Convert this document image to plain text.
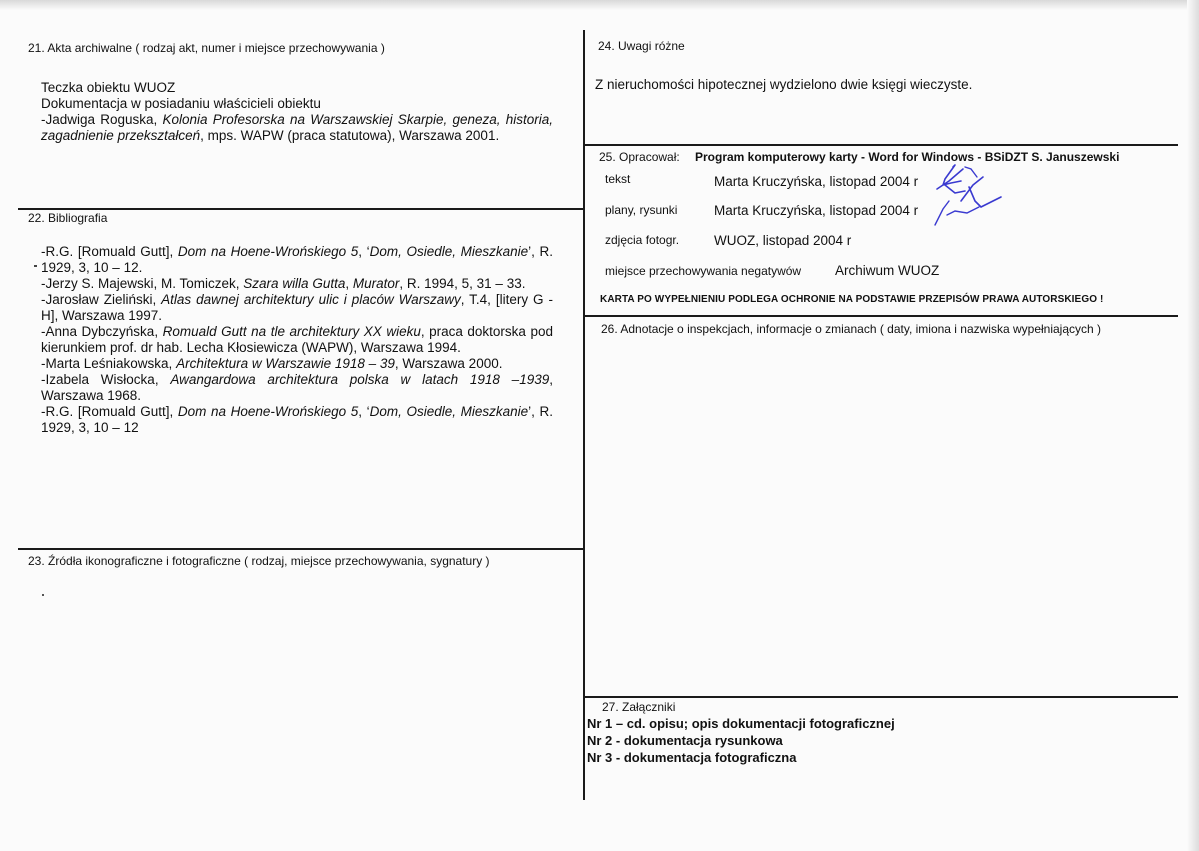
21. Akta archiwalne ( rodzaj akt, numer i miejsce przechowywania )
Teczka obiektu WUOZ
Dokumentacja w posiadaniu właścicieli obiektu
-Jadwiga Roguska, Kolonia Profesorska na Warszawskiej Skarpie, geneza, historia, zagadnienie przekształceń, mps. WAPW (praca statutowa), Warszawa 2001.
22. Bibliografia
-R.G. [Romuald Gutt], Dom na Hoene-Wrońskiego 5, ‘Dom, Osiedle, Mieszkanie’, R. 1929, 3, 10 – 12.
-Jerzy S. Majewski, M. Tomiczek, Szara willa Gutta, Murator, R. 1994, 5, 31 – 33.
-Jarosław Zieliński, Atlas dawnej architektury ulic i placów Warszawy, T.4, [litery G - H], Warszawa 1997.
-Anna Dybczyńska, Romuald Gutt na tle architektury XX wieku, praca doktorska pod kierunkiem prof. dr hab. Lecha Kłosiewicza (WAPW), Warszawa 1994.
-Marta Leśniakowska, Architektura w Warszawie 1918 – 39, Warszawa 2000.
-Izabela Wisłocka, Awangardowa architektura polska w latach 1918 –1939, Warszawa 1968.
-R.G. [Romuald Gutt], Dom na Hoene-Wrońskiego 5, ‘Dom, Osiedle, Mieszkanie’, R. 1929, 3, 10 – 12
23. Źródła ikonograficzne i fotograficzne ( rodzaj, miejsce przechowywania, sygnatury )
24. Uwagi różne
Z nieruchomości hipotecznej wydzielono dwie księgi wieczyste.
25. Opracował: Program komputerowy karty - Word for Windows - BSiDZT S. Januszewski
tekst	Marta Kruczyńska, listopad 2004 r
plany, rysunki	Marta Kruczyńska, listopad 2004 r
zdjęcia fotogr.	WUOZ, listopad 2004 r
miejsce przechowywania negatywów	Archiwum WUOZ
KARTA PO WYPEŁNIENIU PODLEGA OCHRONIE NA PODSTAWIE PRZEPISÓW PRAWA AUTORSKIEGO !
26. Adnotacje o inspekcjach, informacje o zmianach ( daty, imiona i nazwiska wypełniających )
27. Załączniki
Nr 1 – cd. opisu; opis dokumentacji fotograficznej
Nr 2 - dokumentacja rysunkowa
Nr 3 - dokumentacja fotograficzna
